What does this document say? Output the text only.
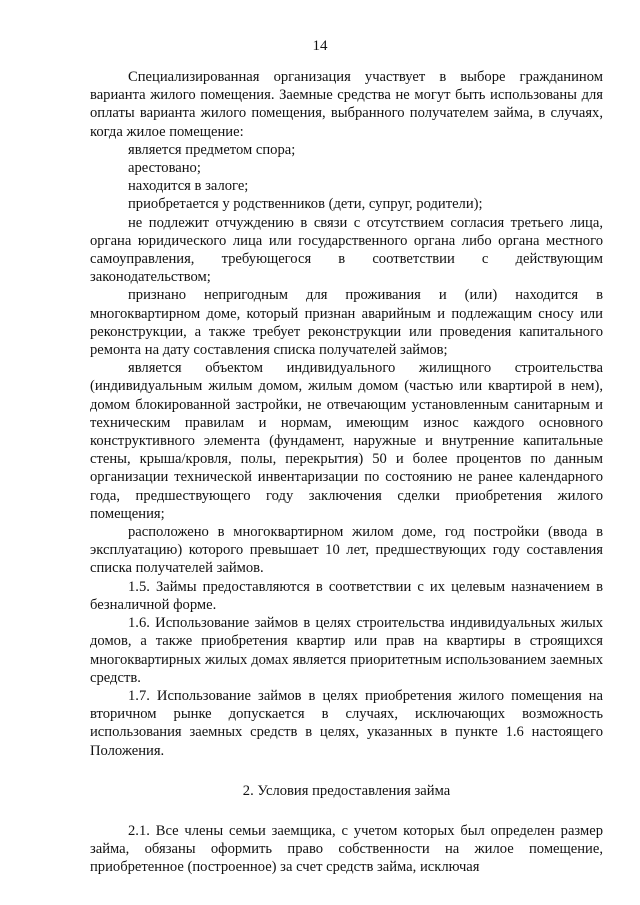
14

Специализированная организация участвует в выборе гражданином варианта жилого помещения. Заемные средства не могут быть использованы для оплаты варианта жилого помещения, выбранного получателем займа, в случаях, когда жилое помещение:

является предметом спора;

арестовано;

находится в залоге;

приобретается у родственников (дети, супруг, родители);

не подлежит отчуждению в связи с отсутствием согласия третьего лица, органа юридического лица или государственного органа либо органа местного самоуправления, требующегося в соответствии с действующим законодательством;

признано непригодным для проживания и (или) находится в многоквартирном доме, который признан аварийным и подлежащим сносу или реконструкции, а также требует реконструкции или проведения капитального ремонта на дату составления списка получателей займов;

является объектом индивидуального жилищного строительства (индивидуальным жилым домом, жилым домом (частью или квартирой в нем), домом блокированной застройки, не отвечающим установленным санитарным и техническим правилам и нормам, имеющим износ каждого основного конструктивного элемента (фундамент, наружные и внутренние капитальные стены, крыша/кровля, полы, перекрытия) 50 и более процентов по данным организации технической инвентаризации по состоянию не ранее календарного года, предшествующего году заключения сделки приобретения жилого помещения;

расположено в многоквартирном жилом доме, год постройки (ввода в эксплуатацию) которого превышает 10 лет, предшествующих году составления списка получателей займов.

1.5. Займы предоставляются в соответствии с их целевым назначением в безналичной форме.

1.6. Использование займов в целях строительства индивидуальных жилых домов, а также приобретения квартир или прав на квартиры в строящихся многоквартирных жилых домах является приоритетным использованием заемных средств.

1.7. Использование займов в целях приобретения жилого помещения на вторичном рынке допускается в случаях, исключающих возможность использования заемных средств в целях, указанных в пункте 1.6 настоящего Положения.

2. Условия предоставления займа

2.1. Все члены семьи заемщика, с учетом которых был определен размер займа, обязаны оформить право собственности на жилое помещение, приобретенное (построенное) за счет средств займа, исключая
